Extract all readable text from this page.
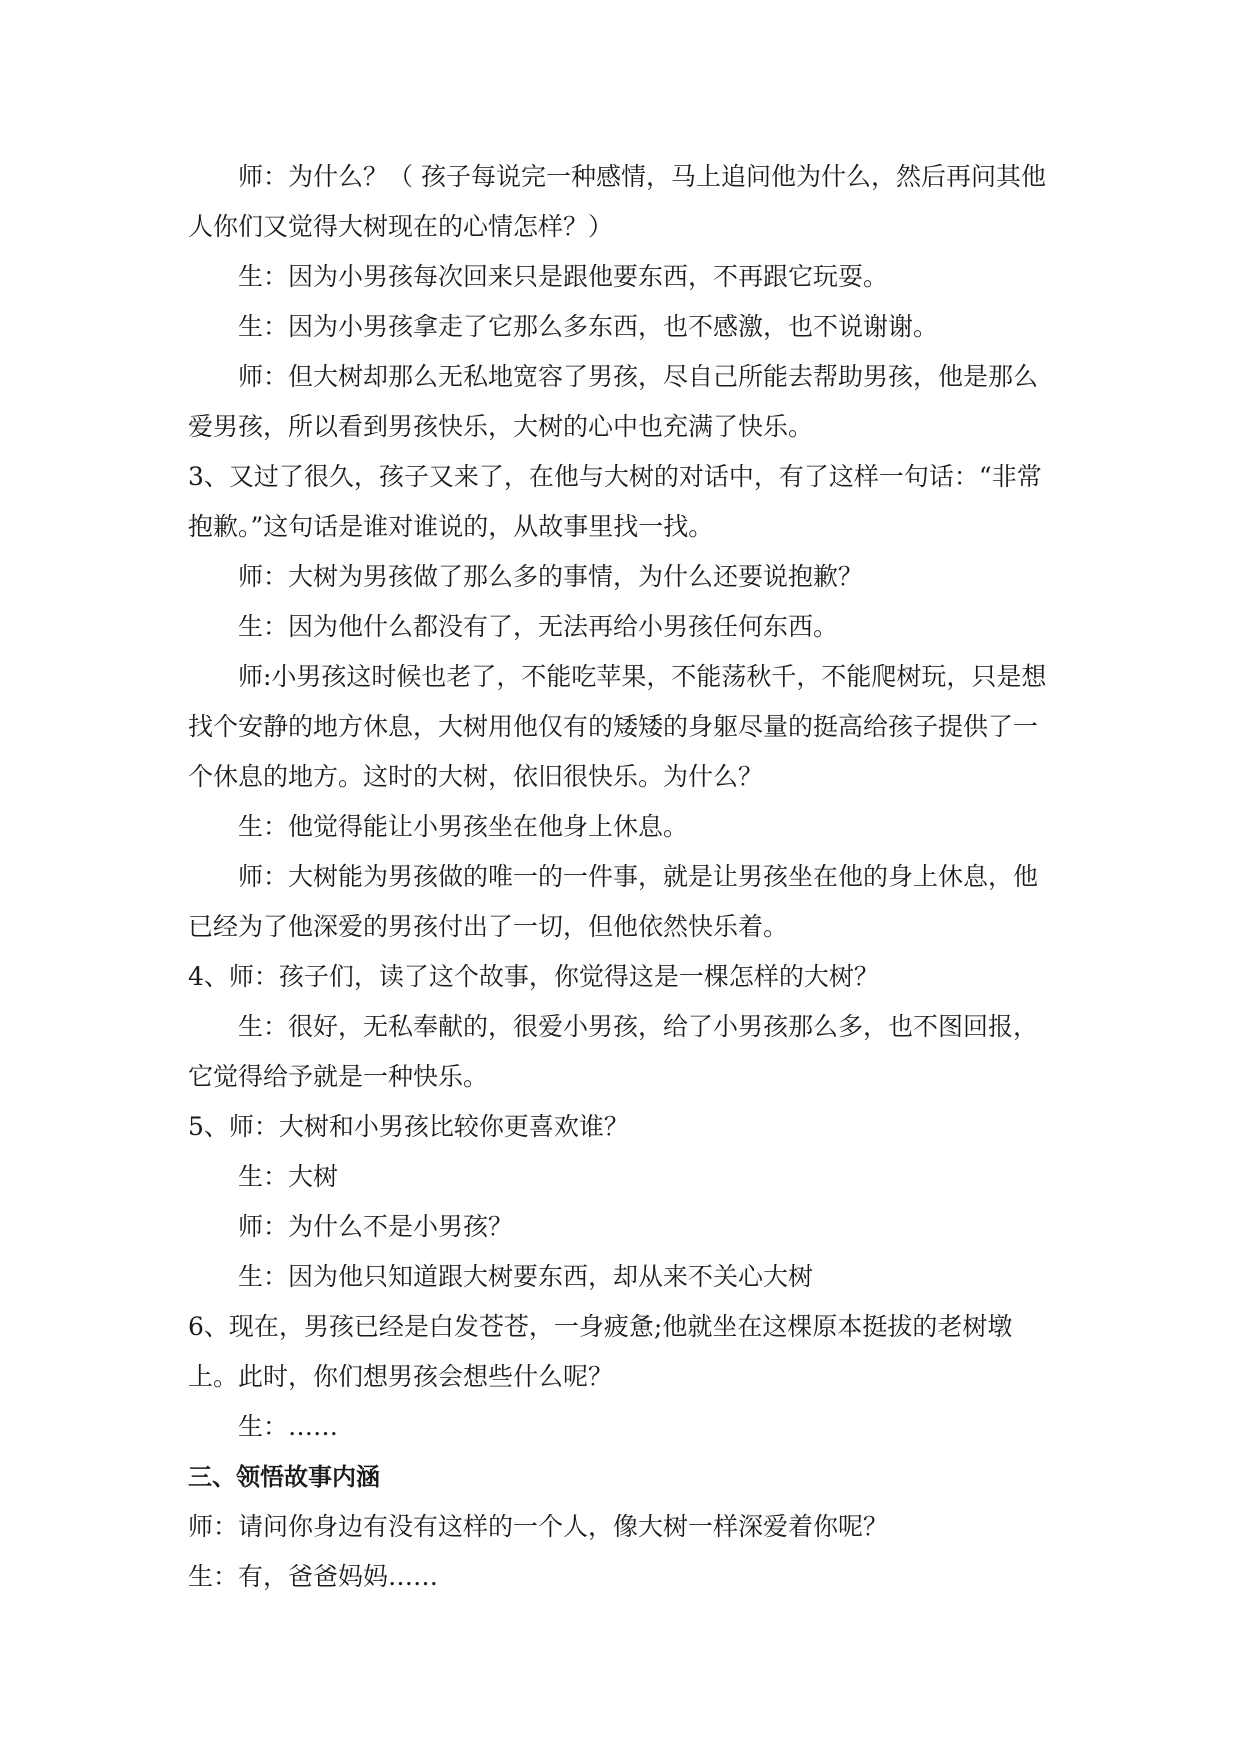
师：为什么？（ 孩子每说完一种感情，马上追问他为什么，然后再问其他人你们又觉得大树现在的心情怎样？）

生：因为小男孩每次回来只是跟他要东西，不再跟它玩耍。

生：因为小男孩拿走了它那么多东西，也不感激，也不说谢谢。

师：但大树却那么无私地宽容了男孩，尽自己所能去帮助男孩，他是那么爱男孩，所以看到男孩快乐，大树的心中也充满了快乐。

3、又过了很久，孩子又来了，在他与大树的对话中，有了这样一句话：“非常抱歉。”这句话是谁对谁说的，从故事里找一找。

师：大树为男孩做了那么多的事情，为什么还要说抱歉？

生：因为他什么都没有了，无法再给小男孩任何东西。

师:小男孩这时候也老了，不能吃苹果，不能荡秋千，不能爬树玩，只是想找个安静的地方休息，大树用他仅有的矮矮的身躯尽量的挺高给孩子提供了一个休息的地方。这时的大树，依旧很快乐。为什么？

生：他觉得能让小男孩坐在他身上休息。

师：大树能为男孩做的唯一的一件事，就是让男孩坐在他的身上休息，他已经为了他深爱的男孩付出了一切，但他依然快乐着。

4、师：孩子们，读了这个故事，你觉得这是一棵怎样的大树？

生：很好，无私奉献的，很爱小男孩，给了小男孩那么多，也不图回报，它觉得给予就是一种快乐。

5、师：大树和小男孩比较你更喜欢谁？

生：大树

师：为什么不是小男孩？

生：因为他只知道跟大树要东西，却从来不关心大树

6、现在，男孩已经是白发苍苍，一身疲惫;他就坐在这棵原本挺拔的老树墩上。此时，你们想男孩会想些什么呢？

生：……

三、领悟故事内涵

师：请问你身边有没有这样的一个人，像大树一样深爱着你呢？

生：有，爸爸妈妈……
